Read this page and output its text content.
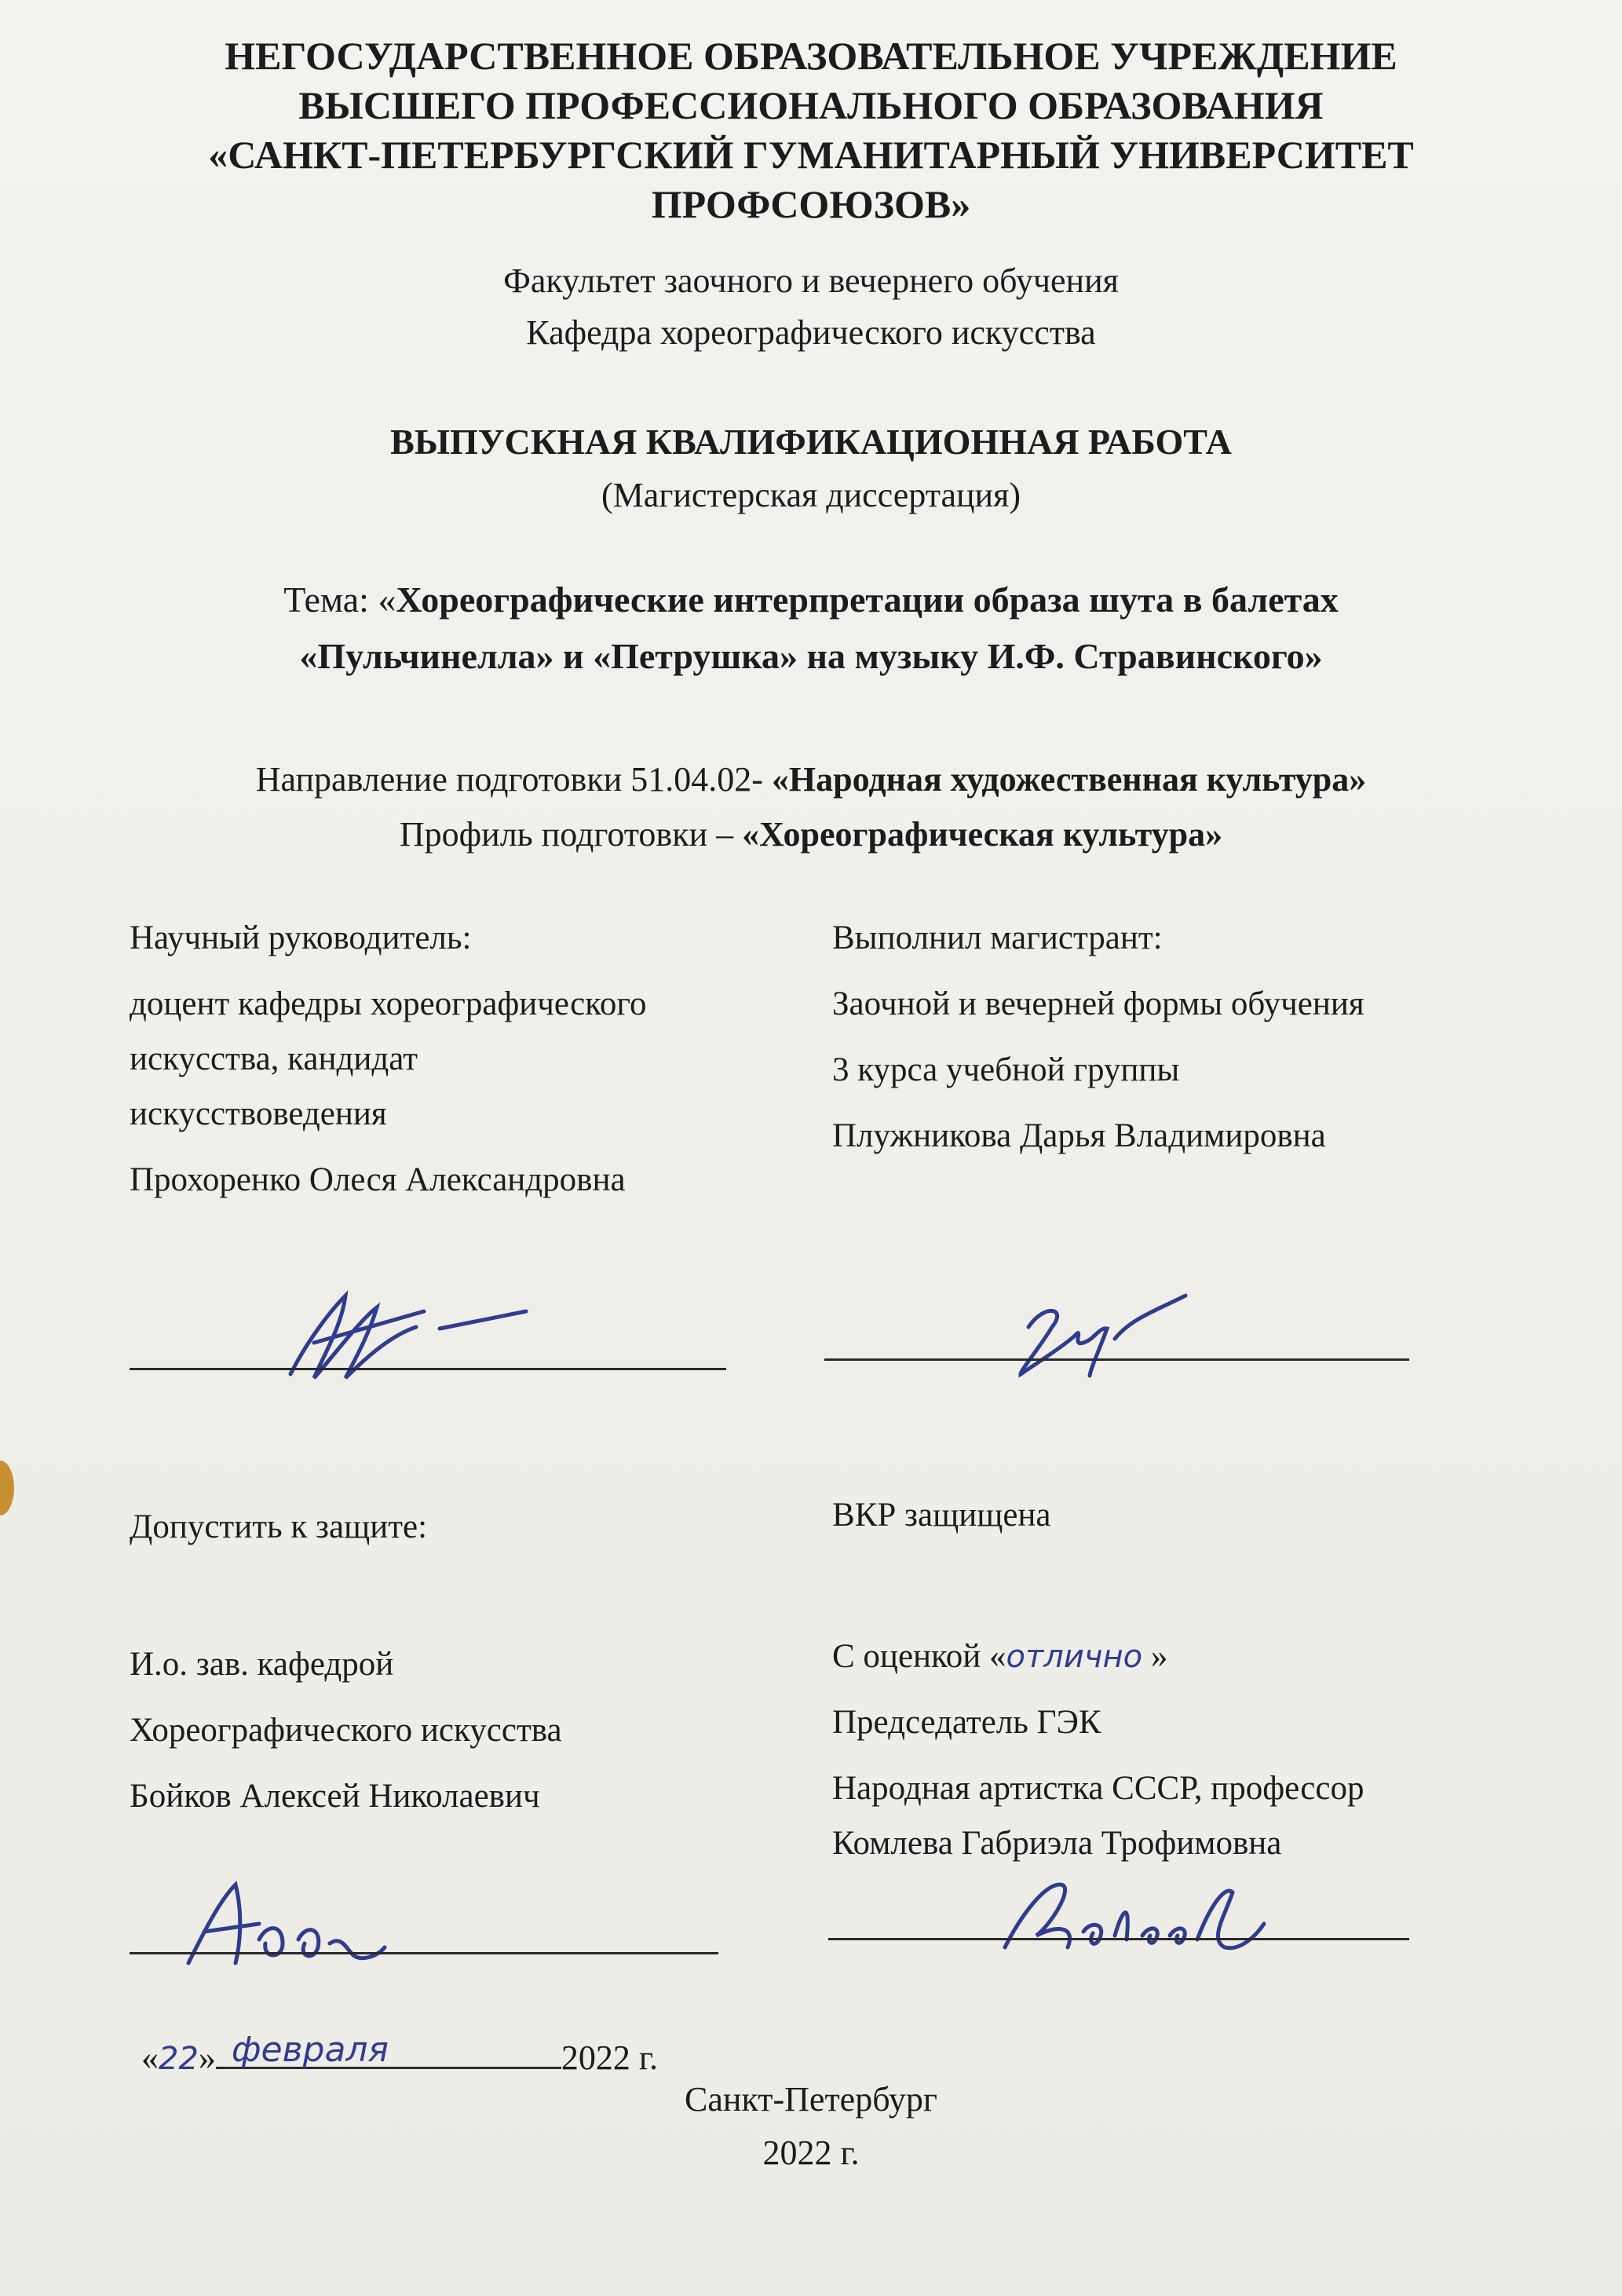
НЕГОСУДАРСТВЕННОЕ ОБРАЗОВАТЕЛЬНОЕ УЧРЕЖДЕНИЕ
ВЫСШЕГО ПРОФЕССИОНАЛЬНОГО ОБРАЗОВАНИЯ
«САНКТ-ПЕТЕРБУРГСКИЙ ГУМАНИТАРНЫЙ УНИВЕРСИТЕТ
ПРОФСОЮЗОВ»
Факультет заочного и вечернего обучения
Кафедра хореографического искусства
ВЫПУСКНАЯ КВАЛИФИКАЦИОННАЯ РАБОТА
(Магистерская диссертация)
Тема: «Хореографические интерпретации образа шута в балетах
«Пульчинелла» и «Петрушка» на музыку И.Ф. Стравинского»
Направление подготовки 51.04.02- «Народная художественная культура»
Профиль подготовки – «Хореографическая культура»
Научный руководитель:
доцент кафедры хореографического
искусства, кандидат
искусствоведения
Прохоренко Олеся Александровна
Выполнил магистрант:
Заочной и вечерней формы обучения
3 курса учебной группы
Плужникова Дарья Владимировна
Допустить к защите:
И.о. зав. кафедрой
Хореографического искусства
Бойков Алексей Николаевич
ВКР защищена
С оценкой «отлично »
Председатель ГЭК
Народная артистка СССР, профессор
Комлева Габриэла Трофимовна
«22» февраля	2022 г.
Санкт-Петербург
2022 г.
